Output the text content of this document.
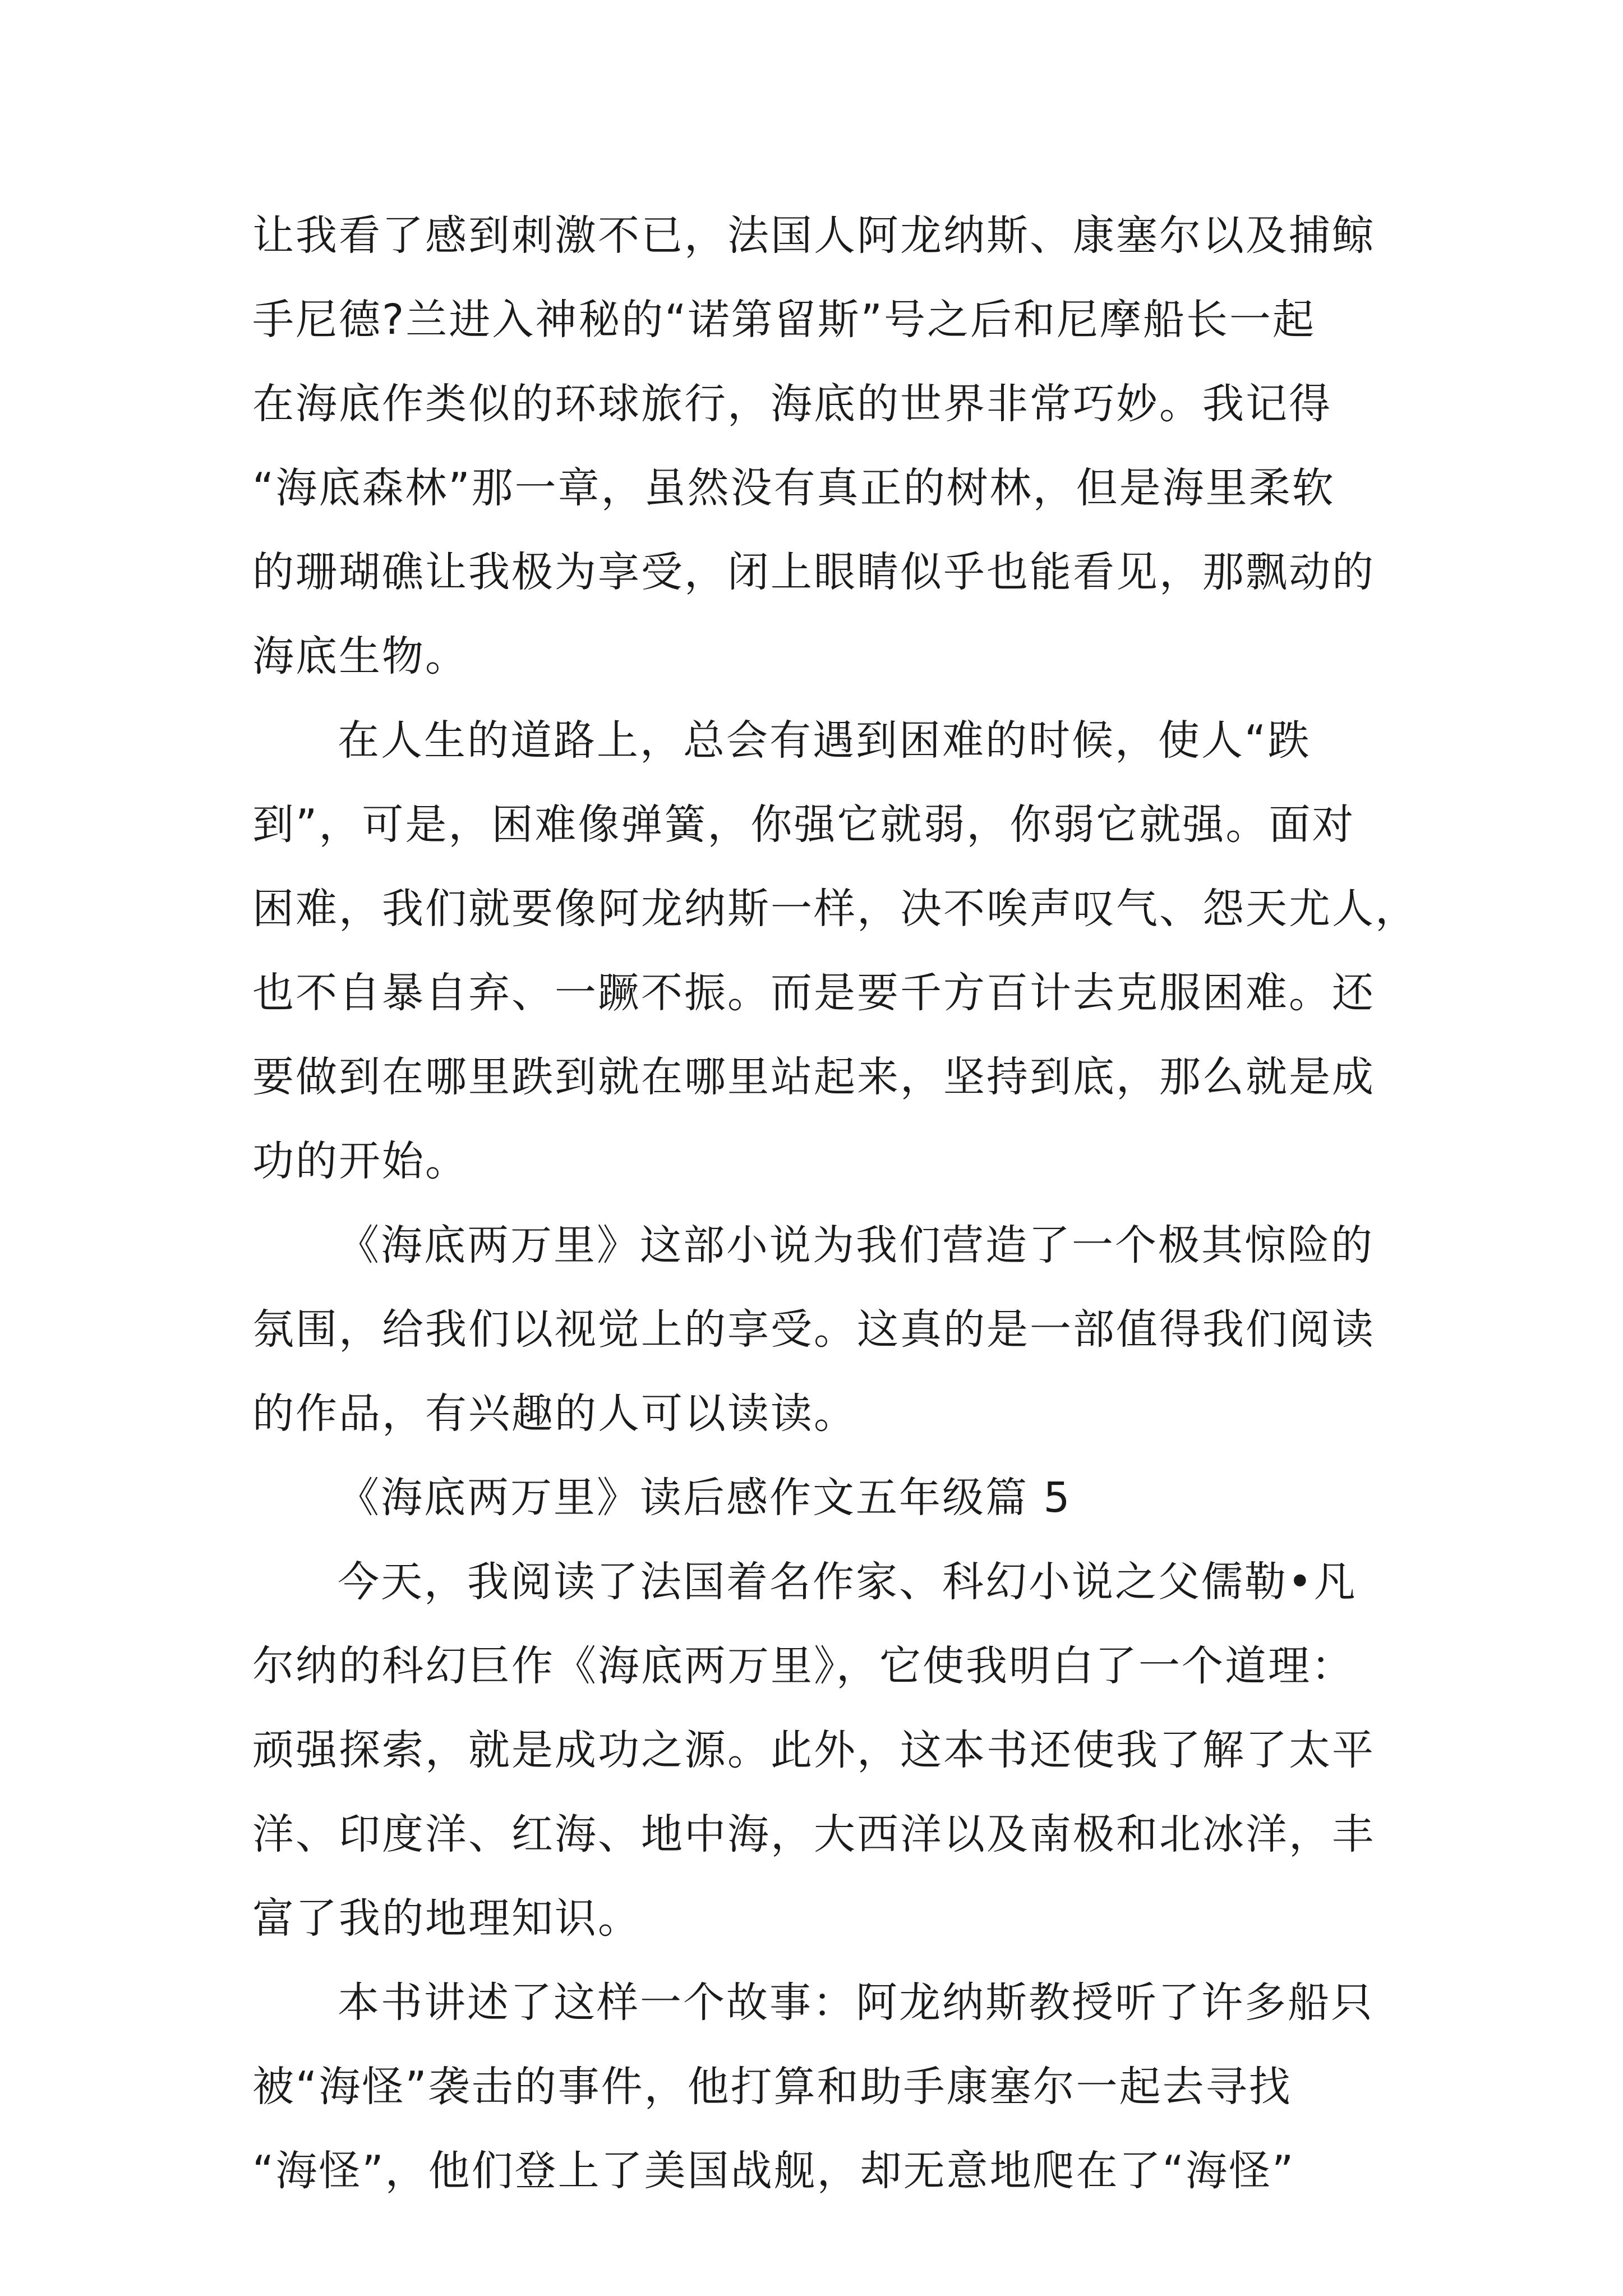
让我看了感到刺激不已，法国人阿龙纳斯、康塞尔以及捕鲸
手尼德?兰进入神秘的“诺第留斯”号之后和尼摩船长一起
在海底作类似的环球旅行，海底的世界非常巧妙。我记得
“海底森林”那一章，虽然没有真正的树林，但是海里柔软
的珊瑚礁让我极为享受，闭上眼睛似乎也能看见，那飘动的
海底生物。
在人生的道路上，总会有遇到困难的时候，使人“跌
到”，可是，困难像弹簧，你强它就弱，你弱它就强。面对
困难，我们就要像阿龙纳斯一样，决不唉声叹气、怨天尤人，
也不自暴自弃、一蹶不振。而是要千方百计去克服困难。还
要做到在哪里跌到就在哪里站起来，坚持到底，那么就是成
功的开始。
《海底两万里》这部小说为我们营造了一个极其惊险的
氛围，给我们以视觉上的享受。这真的是一部值得我们阅读
的作品，有兴趣的人可以读读。
《海底两万里》读后感作文五年级篇 5
今天，我阅读了法国着名作家、科幻小说之父儒勒•凡
尔纳的科幻巨作《海底两万里》，它使我明白了一个道理：
顽强探索，就是成功之源。此外，这本书还使我了解了太平
洋、印度洋、红海、地中海，大西洋以及南极和北冰洋，丰
富了我的地理知识。
本书讲述了这样一个故事：阿龙纳斯教授听了许多船只
被“海怪”袭击的事件，他打算和助手康塞尔一起去寻找
“海怪”，他们登上了美国战舰，却无意地爬在了“海怪”
